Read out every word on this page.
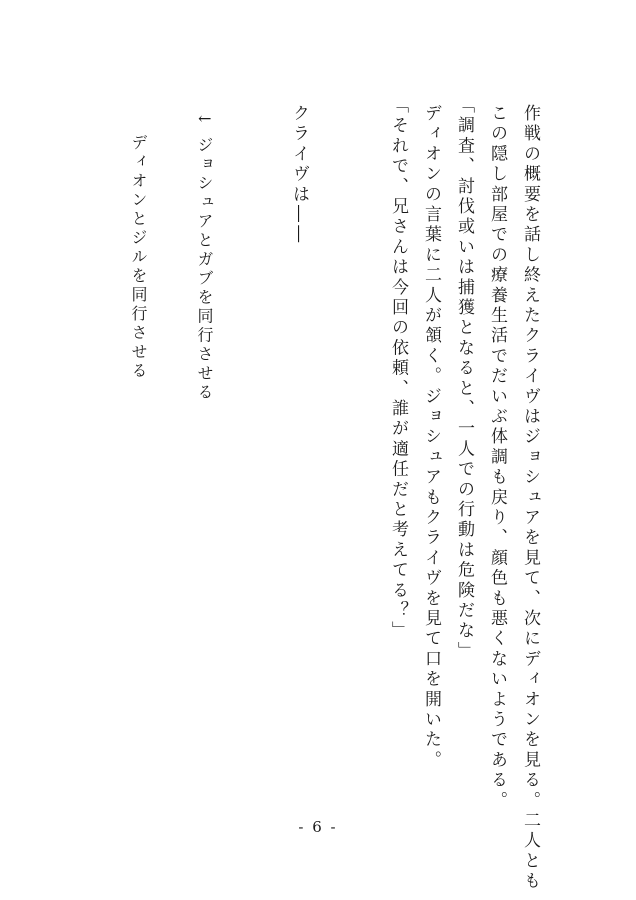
作戦の概要を話し終えたクライヴはジョシュアを見て、次にディオンを見る。二人とも
この隠し部屋での療養生活でだいぶ体調も戻り、顔色も悪くないようである。
「調査、討伐或いは捕獲となると、一人での行動は危険だな」
ディオンの言葉に二人が頷く。ジョシュアもクライヴを見て口を開いた。
「それで、兄さんは今回の依頼、誰が適任だと考えてる？」
クライヴは――
↓ ジョシュアとガブを同行させる
ディオンとジルを同行させる
- 6 -
